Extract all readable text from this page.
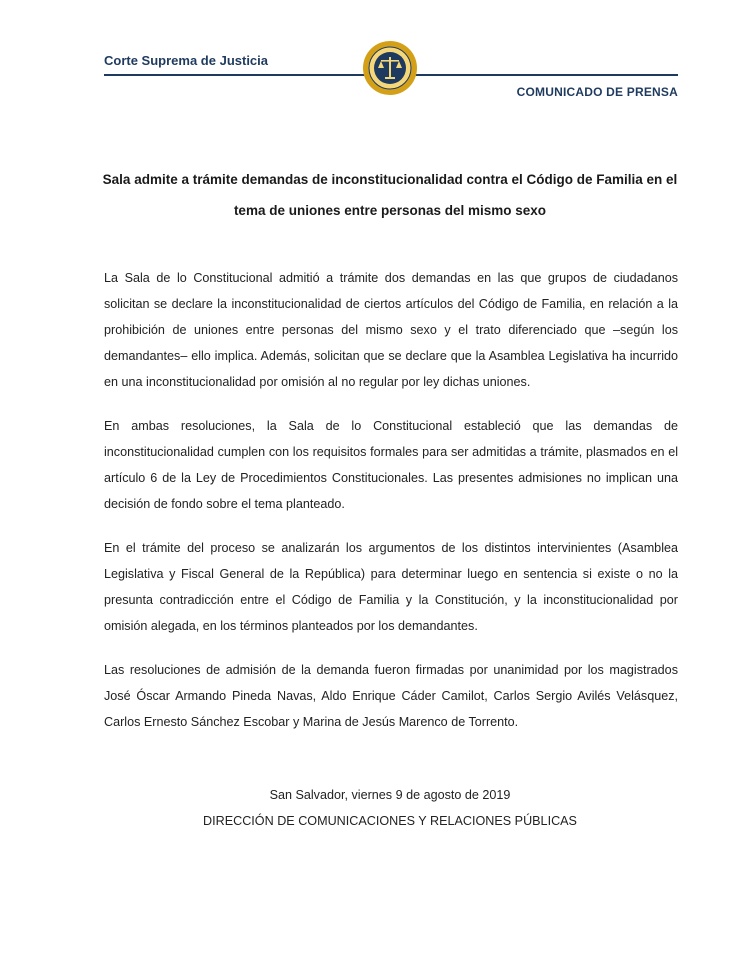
Corte Suprema de Justicia
COMUNICADO DE PRENSA
Sala admite a trámite demandas de inconstitucionalidad contra el Código de Familia en el tema de uniones entre personas del mismo sexo

La Sala de lo Constitucional admitió a trámite dos demandas en las que grupos de ciudadanos solicitan se declare la inconstitucionalidad de ciertos artículos del Código de Familia, en relación a la prohibición de uniones entre personas del mismo sexo y el trato diferenciado que –según los demandantes– ello implica. Además, solicitan que se declare que la Asamblea Legislativa ha incurrido en una inconstitucionalidad por omisión al no regular por ley dichas uniones.

En ambas resoluciones, la Sala de lo Constitucional estableció que las demandas de inconstitucionalidad cumplen con los requisitos formales para ser admitidas a trámite, plasmados en el artículo 6 de la Ley de Procedimientos Constitucionales. Las presentes admisiones no implican una decisión de fondo sobre el tema planteado.

En el trámite del proceso se analizarán los argumentos de los distintos intervinientes (Asamblea Legislativa y Fiscal General de la República) para determinar luego en sentencia si existe o no la presunta contradicción entre el Código de Familia y la Constitución, y la inconstitucionalidad por omisión alegada, en los términos planteados por los demandantes.

Las resoluciones de admisión de la demanda fueron firmadas por unanimidad por los magistrados José Óscar Armando Pineda Navas, Aldo Enrique Cáder Camilot, Carlos Sergio Avilés Velásquez, Carlos Ernesto Sánchez Escobar y Marina de Jesús Marenco de Torrento.

San Salvador, viernes 9 de agosto de 2019
DIRECCIÓN DE COMUNICACIONES Y RELACIONES PÚBLICAS
